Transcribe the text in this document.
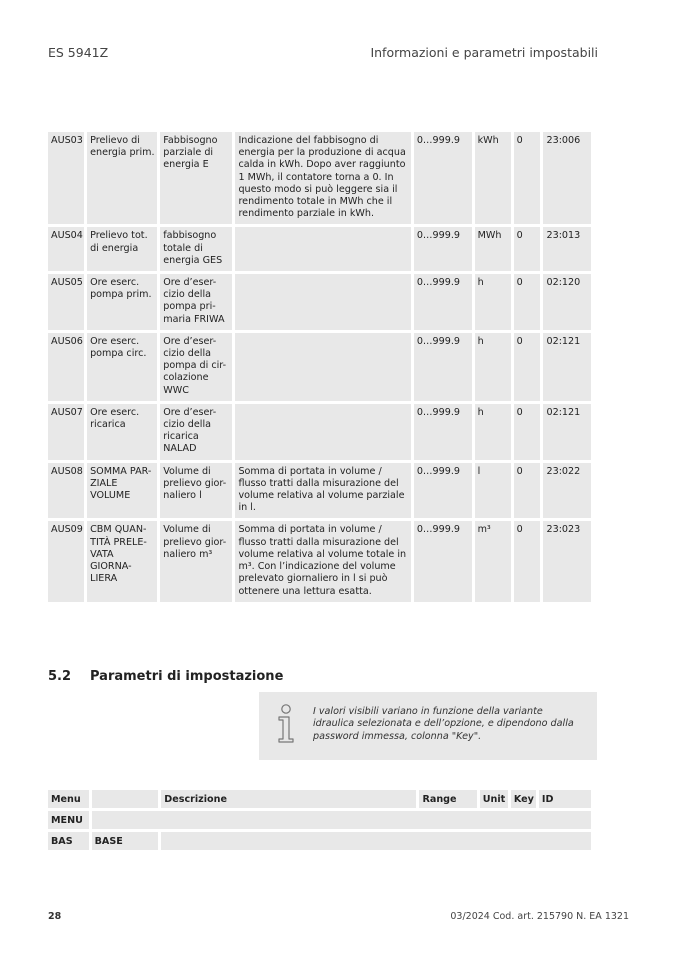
ES 5941Z	Informazioni e parametri impostabili
AUS03	Prelievo di energia prim.	Fabbisogno parziale di energia E	Indicazione del fabbisogno di energia per la produzione di acqua calda in kWh. Dopo aver raggiunto 1 MWh, il contatore torna a 0. In questo modo si può leggere sia il rendimento totale in MWh che il rendimento parziale in kWh.	0…999.9	kWh	0	23:006
AUS04	Prelievo tot. di energia	fabbisogno totale di energia GES		0…999.9	MWh	0	23:013
AUS05	Ore eserc. pompa prim.	Ore d’eser-cizio della pompa pri-maria FRIWA		0…999.9	h	0	02:120
AUS06	Ore eserc. pompa circ.	Ore d’eser-cizio della pompa di cir-colazione WWC		0…999.9	h	0	02:121
AUS07	Ore eserc. ricarica	Ore d’eser-cizio della ricarica NALAD		0…999.9	h	0	02:121
AUS08	SOMMA PAR-ZIALE VOLUME	Volume di prelievo gior-naliero l	Somma di portata in volume / flusso tratti dalla misurazione del volume relativa al volume parziale in l.	0…999.9	l	0	23:022
AUS09	CBM QUAN-TITÀ PRELE-VATA GIORNA-LIERA	Volume di prelievo gior-naliero m³	Somma di portata in volume / flusso tratti dalla misurazione del volume relativa al volume totale in m³. Con l’indicazione del volume prelevato giornaliero in l si può ottenere una lettura esatta.	0…999.9	m³	0	23:023
5.2 Parametri di impostazione
I valori visibili variano in funzione della variante idraulica selezionata e dell’opzione, e dipendono dalla password immessa, colonna "Key".
Menu		Descrizione	Range	Unit	Key	ID
MENU						
BAS	BASE					
28	03/2024 Cod. art. 215790 N. EA 1321
